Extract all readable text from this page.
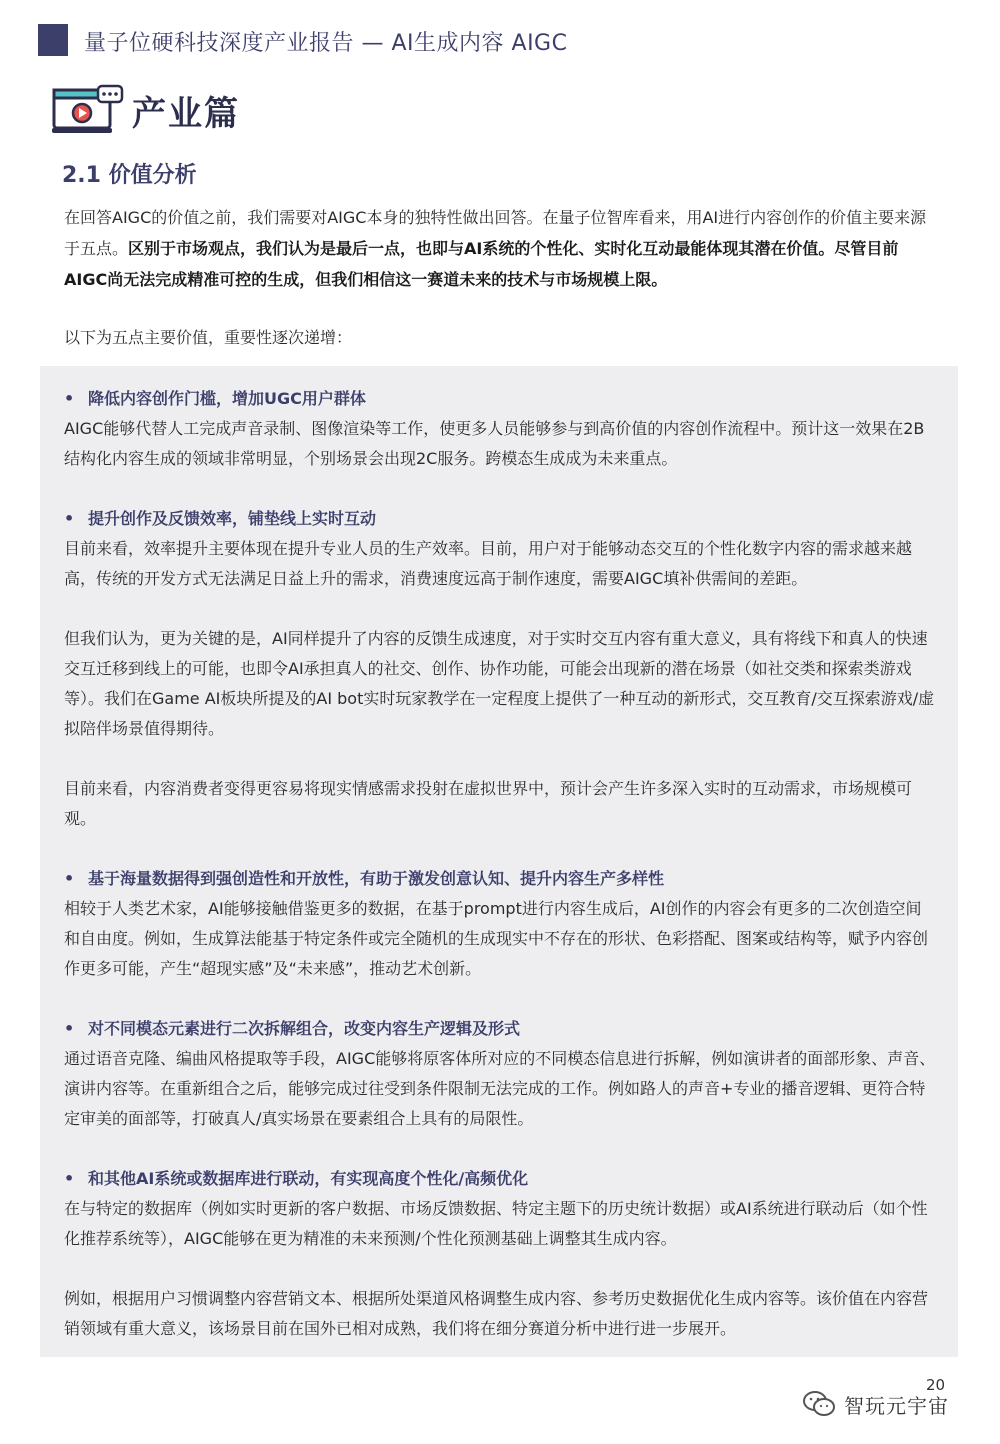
量子位硬科技深度产业报告 — AI生成内容 AIGC
产业篇
2.1 价值分析
在回答AIGC的价值之前，我们需要对AIGC本身的独特性做出回答。在量子位智库看来，用AI进行内容创作的价值主要来源于五点。区别于市场观点，我们认为是最后一点，也即与AI系统的个性化、实时化互动最能体现其潜在价值。尽管目前AIGC尚无法完成精准可控的生成，但我们相信这一赛道未来的技术与市场规模上限。
以下为五点主要价值，重要性逐次递增：
• 降低内容创作门槛，增加UGC用户群体
AIGC能够代替人工完成声音录制、图像渲染等工作，使更多人员能够参与到高价值的内容创作流程中。预计这一效果在2B结构化内容生成的领域非常明显，个别场景会出现2C服务。跨模态生成成为未来重点。
• 提升创作及反馈效率，铺垫线上实时互动
目前来看，效率提升主要体现在提升专业人员的生产效率。目前，用户对于能够动态交互的个性化数字内容的需求越来越高，传统的开发方式无法满足日益上升的需求，消费速度远高于制作速度，需要AIGC填补供需间的差距。
但我们认为，更为关键的是，AI同样提升了内容的反馈生成速度，对于实时交互内容有重大意义，具有将线下和真人的快速交互迁移到线上的可能，也即令AI承担真人的社交、创作、协作功能，可能会出现新的潜在场景（如社交类和探索类游戏等）。我们在Game AI板块所提及的AI bot实时玩家教学在一定程度上提供了一种互动的新形式，交互教育/交互探索游戏/虚拟陪伴场景值得期待。
目前来看，内容消费者变得更容易将现实情感需求投射在虚拟世界中，预计会产生许多深入实时的互动需求，市场规模可观。
• 基于海量数据得到强创造性和开放性，有助于激发创意认知、提升内容生产多样性
相较于人类艺术家，AI能够接触借鉴更多的数据，在基于prompt进行内容生成后，AI创作的内容会有更多的二次创造空间和自由度。例如，生成算法能基于特定条件或完全随机的生成现实中不存在的形状、色彩搭配、图案或结构等，赋予内容创作更多可能，产生“超现实感”及“未来感”，推动艺术创新。
• 对不同模态元素进行二次拆解组合，改变内容生产逻辑及形式
通过语音克隆、编曲风格提取等手段，AIGC能够将原客体所对应的不同模态信息进行拆解，例如演讲者的面部形象、声音、演讲内容等。在重新组合之后，能够完成过往受到条件限制无法完成的工作。例如路人的声音+专业的播音逻辑、更符合特定审美的面部等，打破真人/真实场景在要素组合上具有的局限性。
• 和其他AI系统或数据库进行联动，有实现高度个性化/高频优化
在与特定的数据库（例如实时更新的客户数据、市场反馈数据、特定主题下的历史统计数据）或AI系统进行联动后（如个性化推荐系统等），AIGC能够在更为精准的未来预测/个性化预测基础上调整其生成内容。
例如，根据用户习惯调整内容营销文本、根据所处渠道风格调整生成内容、参考历史数据优化生成内容等。该价值在内容营销领域有重大意义，该场景目前在国外已相对成熟，我们将在细分赛道分析中进行进一步展开。
20
智玩元宇宙
